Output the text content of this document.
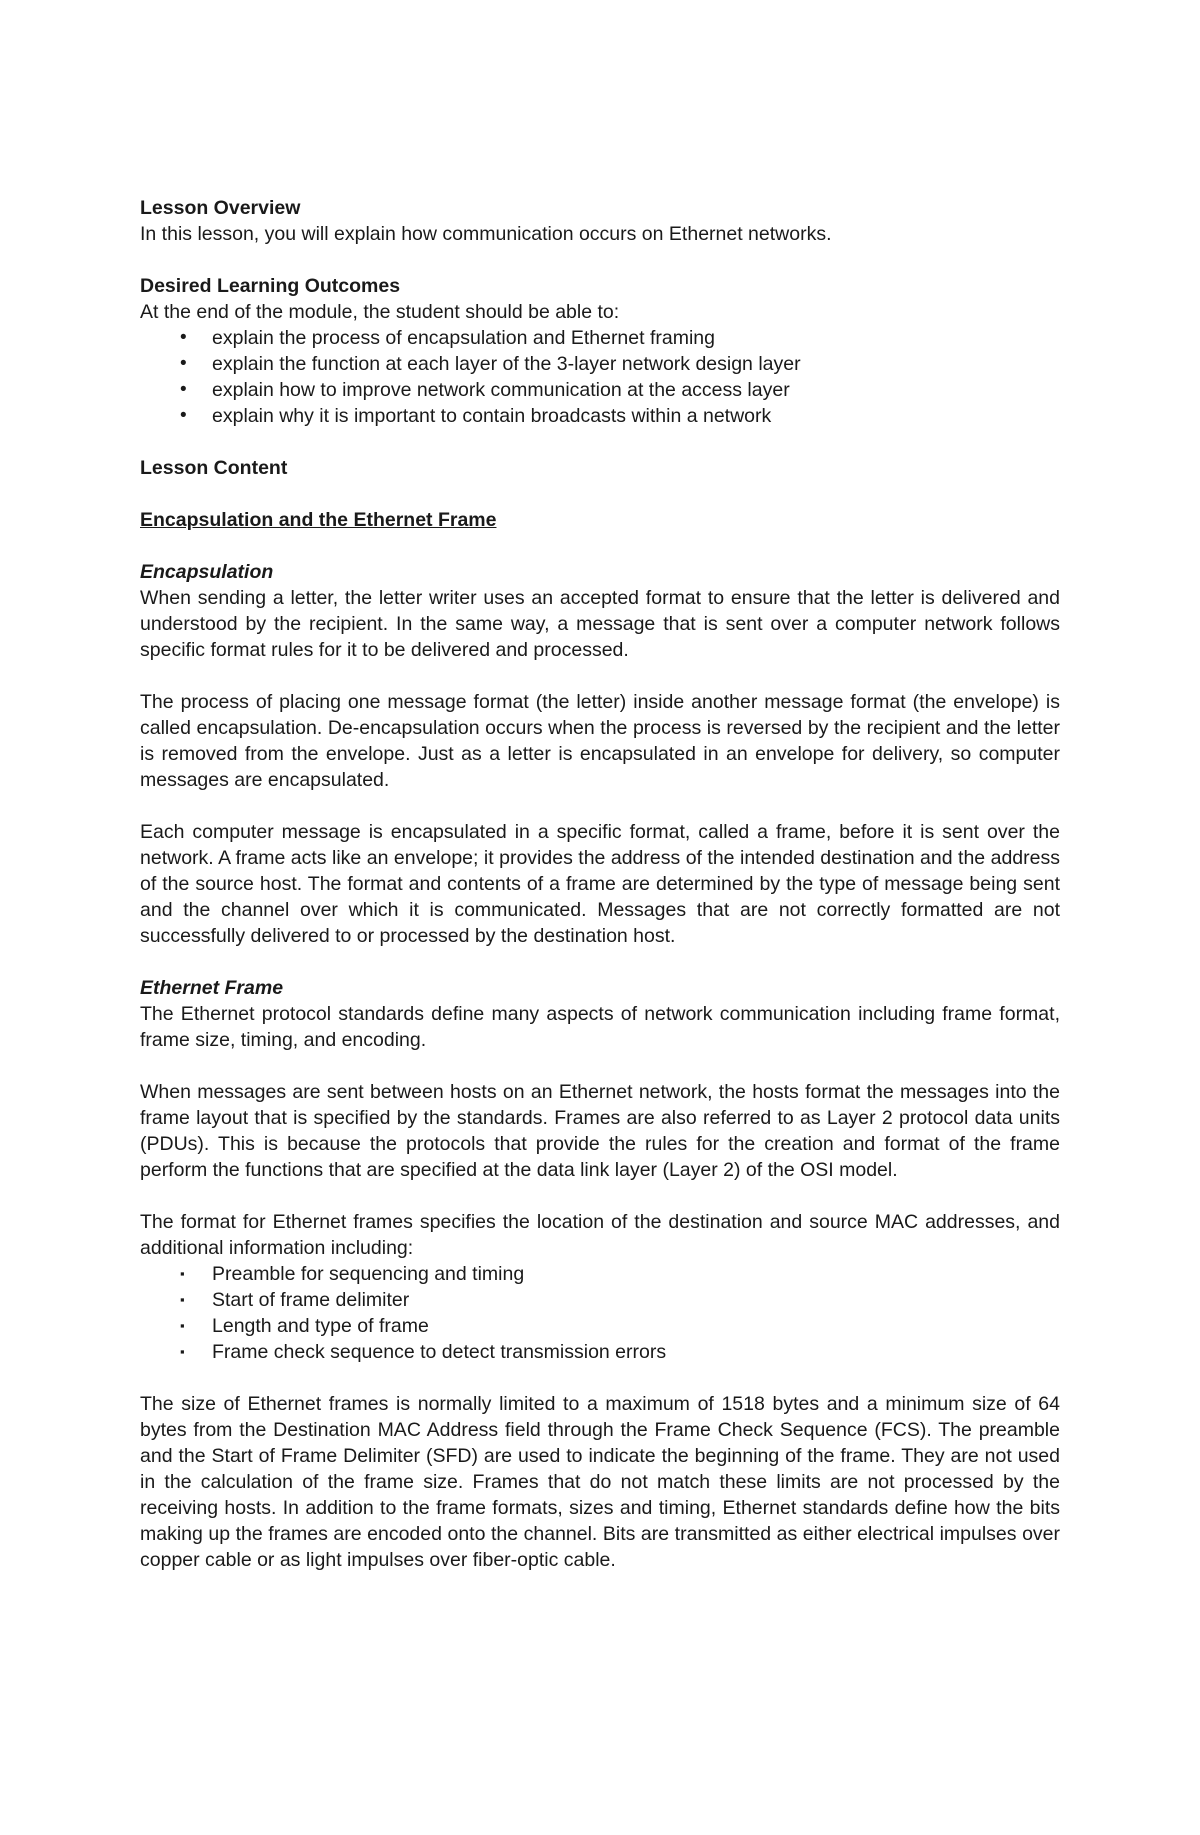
Lesson Overview

In this lesson, you will explain how communication occurs on Ethernet networks.

Desired Learning Outcomes

At the end of the module, the student should be able to:

• explain the process of encapsulation and Ethernet framing
• explain the function at each layer of the 3-layer network design layer
• explain how to improve network communication at the access layer
• explain why it is important to contain broadcasts within a network
Lesson Content
Encapsulation and the Ethernet Frame
Encapsulation

When sending a letter, the letter writer uses an accepted format to ensure that the letter is delivered and understood by the recipient. In the same way, a message that is sent over a computer network follows specific format rules for it to be delivered and processed.

The process of placing one message format (the letter) inside another message format (the envelope) is called encapsulation. De-encapsulation occurs when the process is reversed by the recipient and the letter is removed from the envelope. Just as a letter is encapsulated in an envelope for delivery, so computer messages are encapsulated.

Each computer message is encapsulated in a specific format, called a frame, before it is sent over the network. A frame acts like an envelope; it provides the address of the intended destination and the address of the source host. The format and contents of a frame are determined by the type of message being sent and the channel over which it is communicated. Messages that are not correctly formatted are not successfully delivered to or processed by the destination host.

Ethernet Frame

The Ethernet protocol standards define many aspects of network communication including frame format, frame size, timing, and encoding.

When messages are sent between hosts on an Ethernet network, the hosts format the messages into the frame layout that is specified by the standards. Frames are also referred to as Layer 2 protocol data units (PDUs). This is because the protocols that provide the rules for the creation and format of the frame perform the functions that are specified at the data link layer (Layer 2) of the OSI model.

The format for Ethernet frames specifies the location of the destination and source MAC addresses, and additional information including:

▪ Preamble for sequencing and timing
▪ Start of frame delimiter
▪ Length and type of frame
▪ Frame check sequence to detect transmission errors

The size of Ethernet frames is normally limited to a maximum of 1518 bytes and a minimum size of 64 bytes from the Destination MAC Address field through the Frame Check Sequence (FCS). The preamble and the Start of Frame Delimiter (SFD) are used to indicate the beginning of the frame. They are not used in the calculation of the frame size. Frames that do not match these limits are not processed by the receiving hosts. In addition to the frame formats, sizes and timing, Ethernet standards define how the bits making up the frames are encoded onto the channel. Bits are transmitted as either electrical impulses over copper cable or as light impulses over fiber-optic cable.
